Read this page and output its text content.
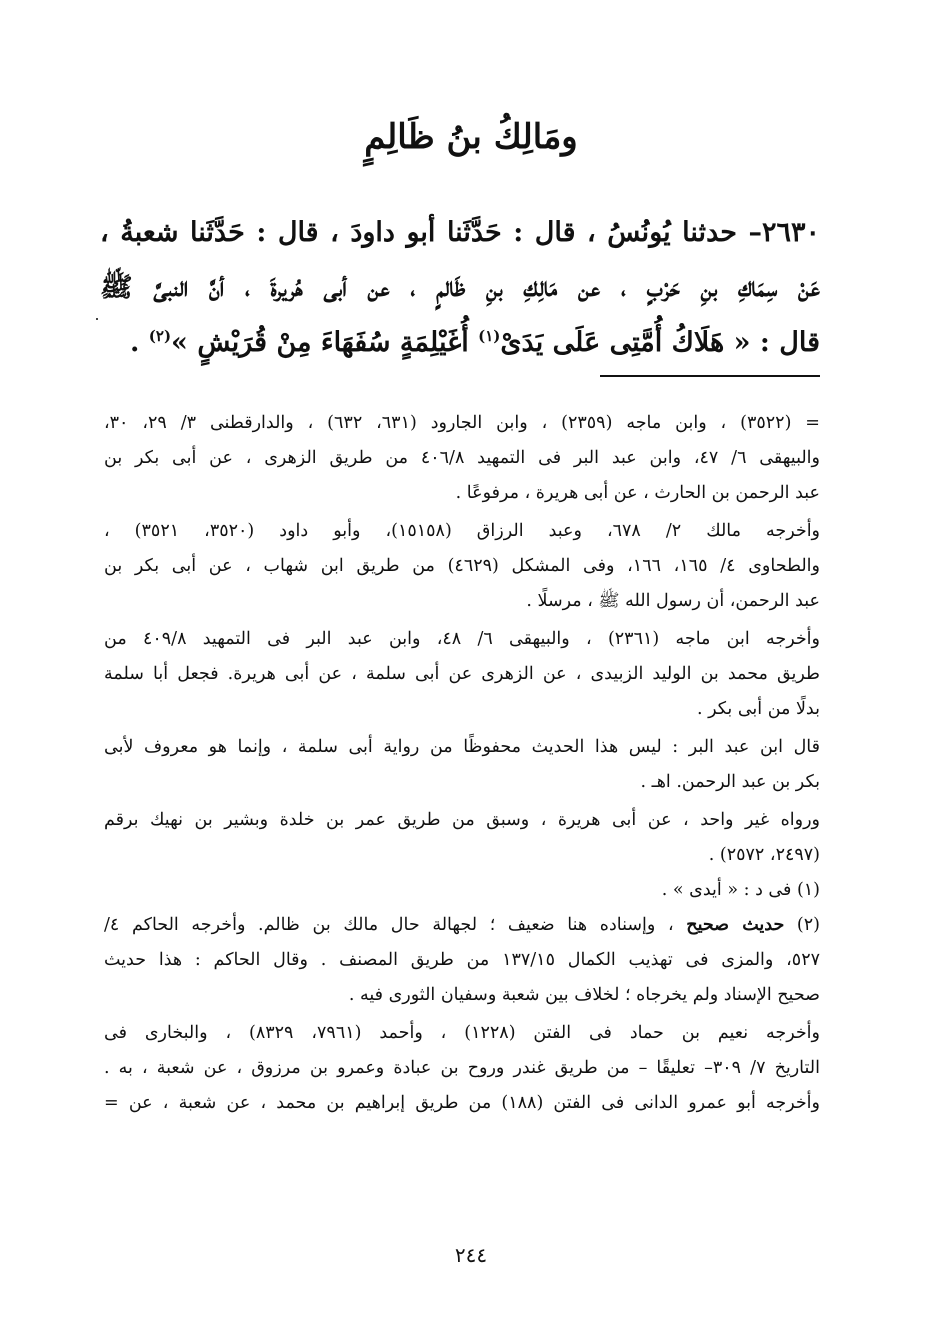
ومَالِكُ بنُ ظَالِمٍ
٢٦٣٠– حدثنا يُونُسُ ، قال : حَدَّثَنا أبو داودَ ، قال : حَدَّثَنا شعبةُ ،
عَنْ سِمَاكِ بنِ حَرْبٍ ، عن مَالِكِ بنِ ظَالمٍ ، عن أبى هُريرةَ ، أنَّ النبىَّ ﷺ
قال : « هَلَاكُ أُمَّتِى عَلَى يَدَىْ$^{(١)}$ أُغَيْلِمَةٍ سُفَهَاءَ مِنْ قُرَيْشٍ »$^{(٢)}$ .
= (٣٥٢٢) ، وابن ماجه (٢٣٥٩) ، وابن الجارود (٦٣١، ٦٣٢) ، والدارقطنى ٣/ ٢٩، ٣٠،
والبيهقى ٦/ ٤٧، وابن عبد البر فى التمهيد ٤٠٦/٨ من طريق الزهرى ، عن أبى بكر بن
عبد الرحمن بن الحارث ، عن أبى هريرة ، مرفوعًا .
وأخرجه مالك ٢/ ٦٧٨، وعبد الرزاق (١٥١٥٨)، وأبو داود (٣٥٢٠، ٣٥٢١) ،
والطحاوى ٤/ ١٦٥، ١٦٦، وفى المشكل (٤٦٢٩) من طريق ابن شهاب ، عن أبى بكر بن
عبد الرحمن، أن رسول الله ﷺ ، مرسلًا .
وأخرجه ابن ماجه (٢٣٦١) ، والبيهقى ٦/ ٤٨، وابن عبد البر فى التمهيد ٤٠٩/٨ من
طريق محمد بن الوليد الزبيدى ، عن الزهرى عن أبى سلمة ، عن أبى هريرة. فجعل أبا سلمة
بدلًا من أبى بكر .
قال ابن عبد البر : ليس هذا الحديث محفوظًا من رواية أبى سلمة ، وإنما هو معروف لأبى
بكر بن عبد الرحمن. اهـ .
ورواه غير واحد ، عن أبى هريرة ، وسبق من طريق عمر بن خلدة وبشير بن نهيك برقم
(٢٤٩٧، ٢٥٧٢) .
(١) فى د : « أيدى » .
(٢) حديث صحيح ، وإسناده هنا ضعيف ؛ لجهالة حال مالك بن ظالم. وأخرجه الحاكم ٤/
٥٢٧، والمزى فى تهذيب الكمال ١٣٧/١٥ من طريق المصنف . وقال الحاكم : هذا حديث
صحيح الإسناد ولم يخرجاه ؛ لخلاف بين شعبة وسفيان الثورى فيه .
وأخرجه نعيم بن حماد فى الفتن (١٢٢٨) ، وأحمد (٧٩٦١، ٨٣٢٩) ، والبخارى فى
التاريخ ٧/ ٣٠٩– تعليقًا – من طريق غندر وروح بن عبادة وعمرو بن مرزوق ، عن شعبة ، به .
وأخرجه أبو عمرو الدانى فى الفتن (١٨٨) من طريق إبراهيم بن محمد ، عن شعبة ، عن =
٢٤٤
